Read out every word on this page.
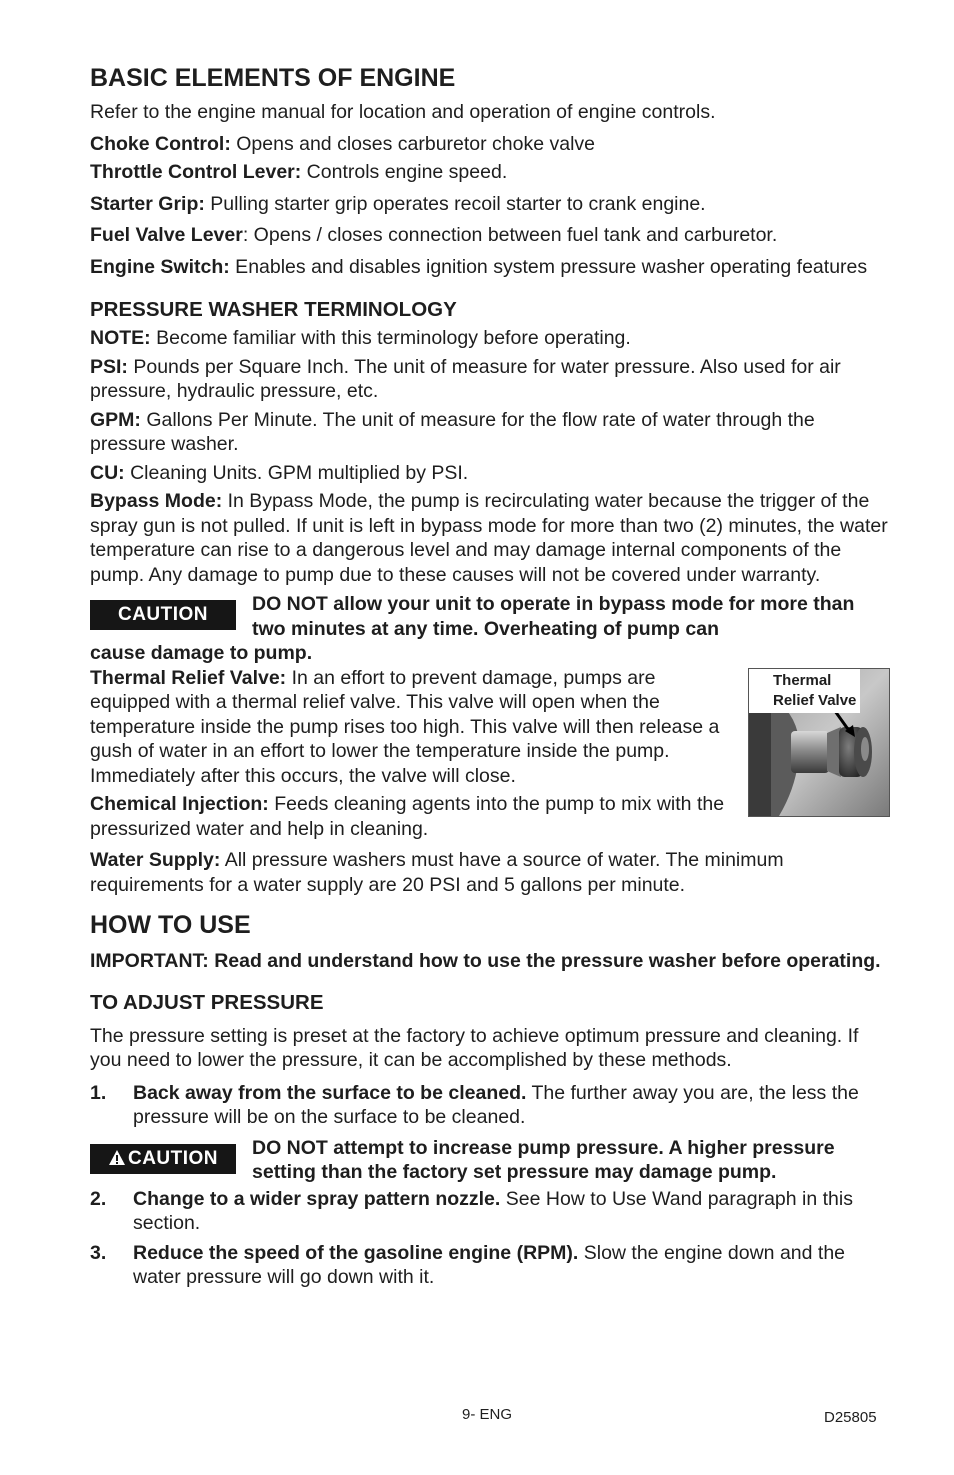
BASIC ELEMENTS OF ENGINE

Refer to the engine manual for location and operation of engine controls.

Choke Control: Opens and closes carburetor choke valve

Throttle Control Lever: Controls engine speed.

Starter Grip: Pulling starter grip operates recoil starter to crank engine.

Fuel Valve Lever: Opens / closes connection between fuel tank and carburetor.

Engine Switch: Enables and disables ignition system pressure washer operating features

PRESSURE WASHER TERMINOLOGY

NOTE: Become familiar with this terminology before operating.

PSI: Pounds per Square Inch. The unit of measure for water pressure. Also used for air pressure, hydraulic pressure, etc.

GPM: Gallons Per Minute. The unit of measure for the flow rate of water through the pressure washer.

CU: Cleaning Units. GPM multiplied by PSI.

Bypass Mode: In Bypass Mode, the pump is recirculating water because the trigger of the spray gun is not pulled. If unit is left in bypass mode for more than two (2) minutes, the water temperature can rise to a dangerous level and may damage internal components of the pump. Any damage to pump due to these causes will not be covered under warranty.

CAUTION	DO NOT allow your unit to operate in bypass mode for more than two minutes at any time. Overheating of pump can

cause damage to pump.

Thermal Relief Valve: In an effort to prevent damage, pumps are equipped with a thermal relief valve. This valve will open when the temperature inside the pump rises too high. This valve will then release a gush of water in an effort to lower the temperature inside the pump. Immediately after this occurs, the valve will close.

Chemical Injection: Feeds cleaning agents into the pump to mix with the pressurized water and help in cleaning.

Thermal
Relief Valve

Water Supply: All pressure washers must have a source of water. The minimum requirements for a water supply are 20 PSI and 5 gallons per minute.

HOW TO USE

IMPORTANT: Read and understand how to use the pressure washer before operating.

TO ADJUST PRESSURE

The pressure setting is preset at the factory to achieve optimum pressure and cleaning. If you need to lower the pressure, it can be accomplished by these methods.

1.	Back away from the surface to be cleaned. The further away you are, the less the pressure will be on the surface to be cleaned.
CAUTION	DO NOT attempt to increase pump pressure. A higher pressure setting than the factory set pressure may damage pump.
2.	Change to a wider spray pattern nozzle. See How to Use Wand paragraph in this section.
3.	Reduce the speed of the gasoline engine (RPM). Slow the engine down and the water pressure will go down with it.
9- ENG	D25805
